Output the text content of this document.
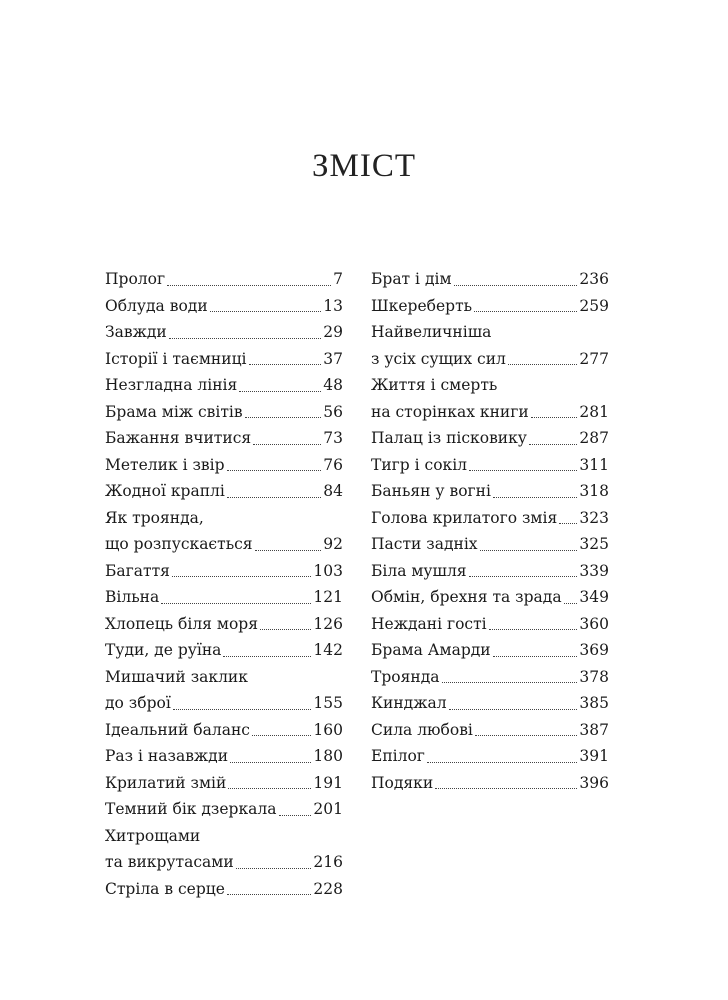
ЗМІСТ
Пролог	7
Облуда води	13
Завжди	29
Історії і таємниці	37
Незгладна лінія	48
Брама між світів	56
Бажання вчитися	73
Метелик і звір	76
Жодної краплі	84
Як троянда,
що розпускається	92
Багаття	103
Вільна	121
Хлопець біля моря	126
Туди, де руїна	142
Мишачий заклик
до зброї	155
Ідеальний баланс	160
Раз і назавжди	180
Крилатий змій	191
Темний бік дзеркала 201
Хитрощами
та викрутасами	216
Стріла в серце	228
Брат і дім	236
Шкереберть	259
Найвеличніша
з усіх сущих сил	277
Життя і смерть
на сторінках книги	281
Палац із пісковику	287
Тигр і сокіл	311
Баньян у вогні	318
Голова крилатого змія 323
Пасти задніх	325
Біла мушля	339
Обмін, брехня та зрада 349
Неждані гості	360
Брама Амарди	369
Троянда	378
Кинджал	385
Сила любові	387
Епілог	391
Подяки	396
